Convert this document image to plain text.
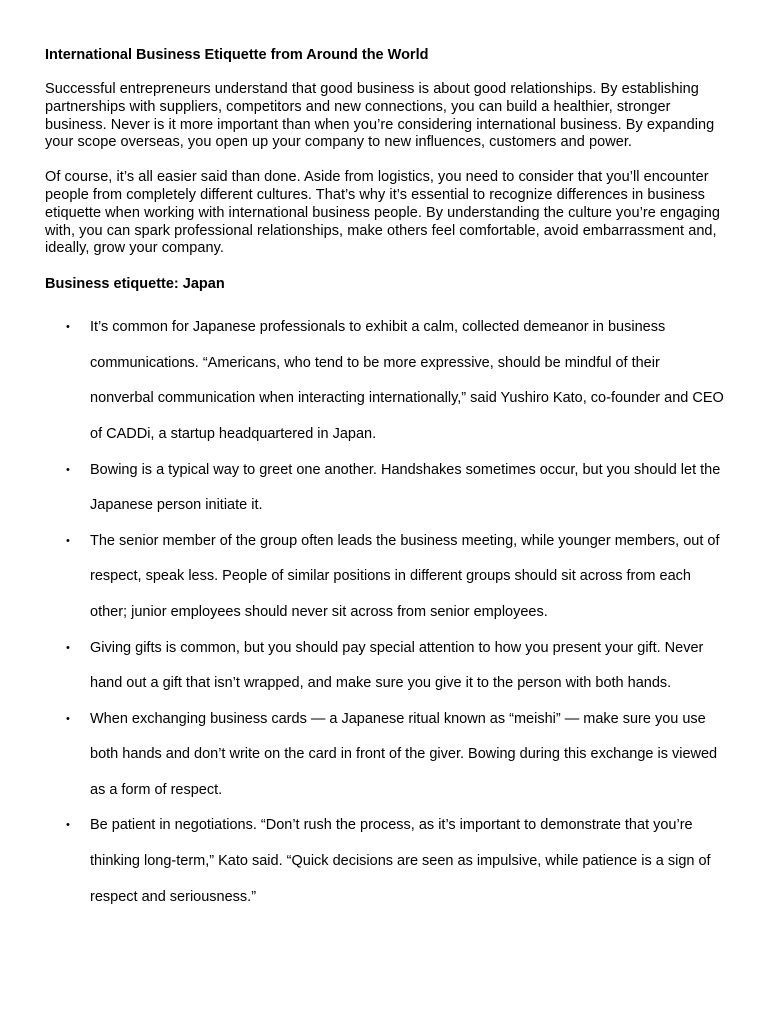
International Business Etiquette from Around the World

Successful entrepreneurs understand that good business is about good relationships. By establishing partnerships with suppliers, competitors and new connections, you can build a healthier, stronger business. Never is it more important than when you’re considering international business. By expanding your scope overseas, you open up your company to new influences, customers and power.

Of course, it’s all easier said than done. Aside from logistics, you need to consider that you’ll encounter people from completely different cultures. That’s why it’s essential to recognize differences in business etiquette when working with international business people. By understanding the culture you’re engaging with, you can spark professional relationships, make others feel comfortable, avoid embarrassment and, ideally, grow your company.

Business etiquette: Japan
•	It’s common for Japanese professionals to exhibit a calm, collected demeanor in business communications. “Americans, who tend to be more expressive, should be mindful of their nonverbal communication when interacting internationally,” said Yushiro Kato, co-founder and CEO of CADDi, a startup headquartered in Japan.
•	Bowing is a typical way to greet one another. Handshakes sometimes occur, but you should let the Japanese person initiate it.
•	The senior member of the group often leads the business meeting, while younger members, out of respect, speak less. People of similar positions in different groups should sit across from each other; junior employees should never sit across from senior employees.
•	Giving gifts is common, but you should pay special attention to how you present your gift. Never hand out a gift that isn’t wrapped, and make sure you give it to the person with both hands.
•	When exchanging business cards — a Japanese ritual known as “meishi” — make sure you use both hands and don’t write on the card in front of the giver. Bowing during this exchange is viewed as a form of respect.
•	Be patient in negotiations. “Don’t rush the process, as it’s important to demonstrate that you’re thinking long-term,” Kato said. “Quick decisions are seen as impulsive, while patience is a sign of respect and seriousness.”
